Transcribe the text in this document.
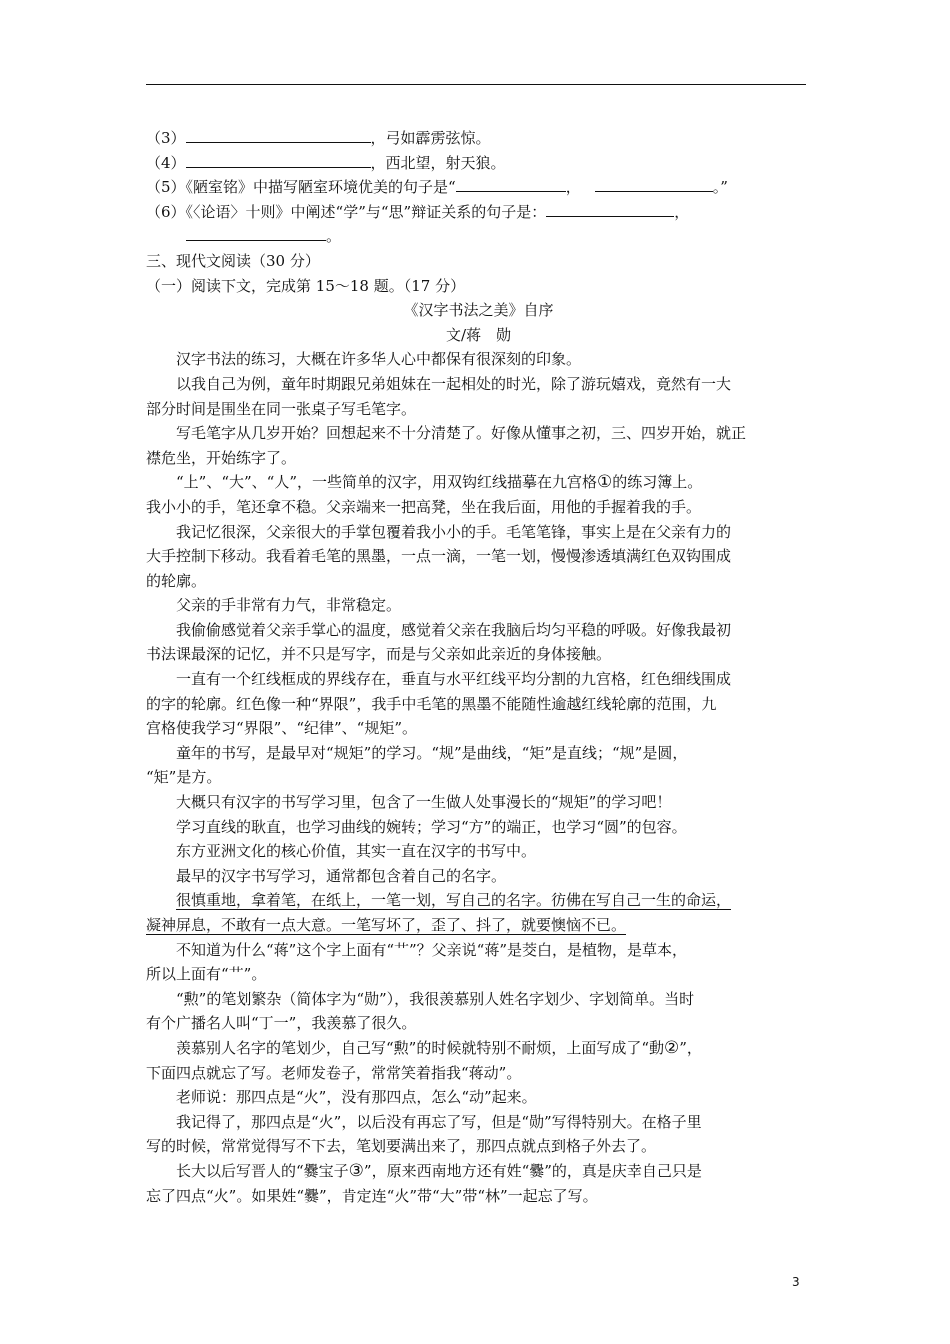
（3）	，弓如霹雳弦惊。
（4）	，西北望，射天狼。
（5）《陋室铭》中描写陋室环境优美的句子是“	，	。”
（6）《〈论语〉十则》中阐述“学”与“思”辩证关系的句子是：	，
。
三、现代文阅读（30 分）
（一）阅读下文，完成第 15～18 题。（17 分）
《汉字书法之美》自序
文/蒋　勋
汉字书法的练习，大概在许多华人心中都保有很深刻的印象。
以我自己为例，童年时期跟兄弟姐妹在一起相处的时光，除了游玩嬉戏，竟然有一大
部分时间是围坐在同一张桌子写毛笔字。
写毛笔字从几岁开始？回想起来不十分清楚了。好像从懂事之初，三、四岁开始，就正
襟危坐，开始练字了。
“上”、“大”、“人”，一些简单的汉字，用双钩红线描摹在九宫格①的练习簿上。
我小小的手，笔还拿不稳。父亲端来一把高凳，坐在我后面，用他的手握着我的手。
我记忆很深，父亲很大的手掌包覆着我小小的手。毛笔笔锋，事实上是在父亲有力的
大手控制下移动。我看着毛笔的黑墨，一点一滴，一笔一划，慢慢渗透填满红色双钩围成
的轮廓。
父亲的手非常有力气，非常稳定。
我偷偷感觉着父亲手掌心的温度，感觉着父亲在我脑后均匀平稳的呼吸。好像我最初
书法课最深的记忆，并不只是写字，而是与父亲如此亲近的身体接触。
一直有一个红线框成的界线存在，垂直与水平红线平均分割的九宫格，红色细线围成
的字的轮廓。红色像一种“界限”，我手中毛笔的黑墨不能随性逾越红线轮廓的范围，九
宫格使我学习“界限”、“纪律”、“规矩”。
童年的书写，是最早对“规矩”的学习。“规”是曲线，“矩”是直线；“规”是圆，
“矩”是方。
大概只有汉字的书写学习里，包含了一生做人处事漫长的“规矩”的学习吧！
学习直线的耿直，也学习曲线的婉转；学习“方”的端正，也学习“圆”的包容。
东方亚洲文化的核心价值，其实一直在汉字的书写中。
最早的汉字书写学习，通常都包含着自己的名字。
很慎重地，拿着笔，在纸上，一笔一划，写自己的名字。彷佛在写自己一生的命运，
凝神屏息，不敢有一点大意。一笔写坏了，歪了、抖了，就要懊恼不已。
不知道为什么“蒋”这个字上面有“艹”？父亲说“蒋”是茭白，是植物，是草本，
所以上面有“艹”。
“勲”的笔划繁杂（简体字为“勋”），我很羡慕别人姓名字划少、字划简单。当时
有个广播名人叫“丁一”，我羡慕了很久。
羡慕别人名字的笔划少，自己写“勲”的时候就特别不耐烦，上面写成了“動②”，
下面四点就忘了写。老师发卷子，常常笑着指我“蒋动”。
老师说：那四点是“火”，没有那四点，怎么“动”起来。
我记得了，那四点是“火”，以后没有再忘了写，但是“勋”写得特别大。在格子里
写的时候，常常觉得写不下去，笔划要满出来了，那四点就点到格子外去了。
长大以后写晋人的“爨宝子③”，原来西南地方还有姓“爨”的，真是庆幸自己只是
忘了四点“火”。如果姓“爨”，肯定连“火”带“大”带“林”一起忘了写。
3
